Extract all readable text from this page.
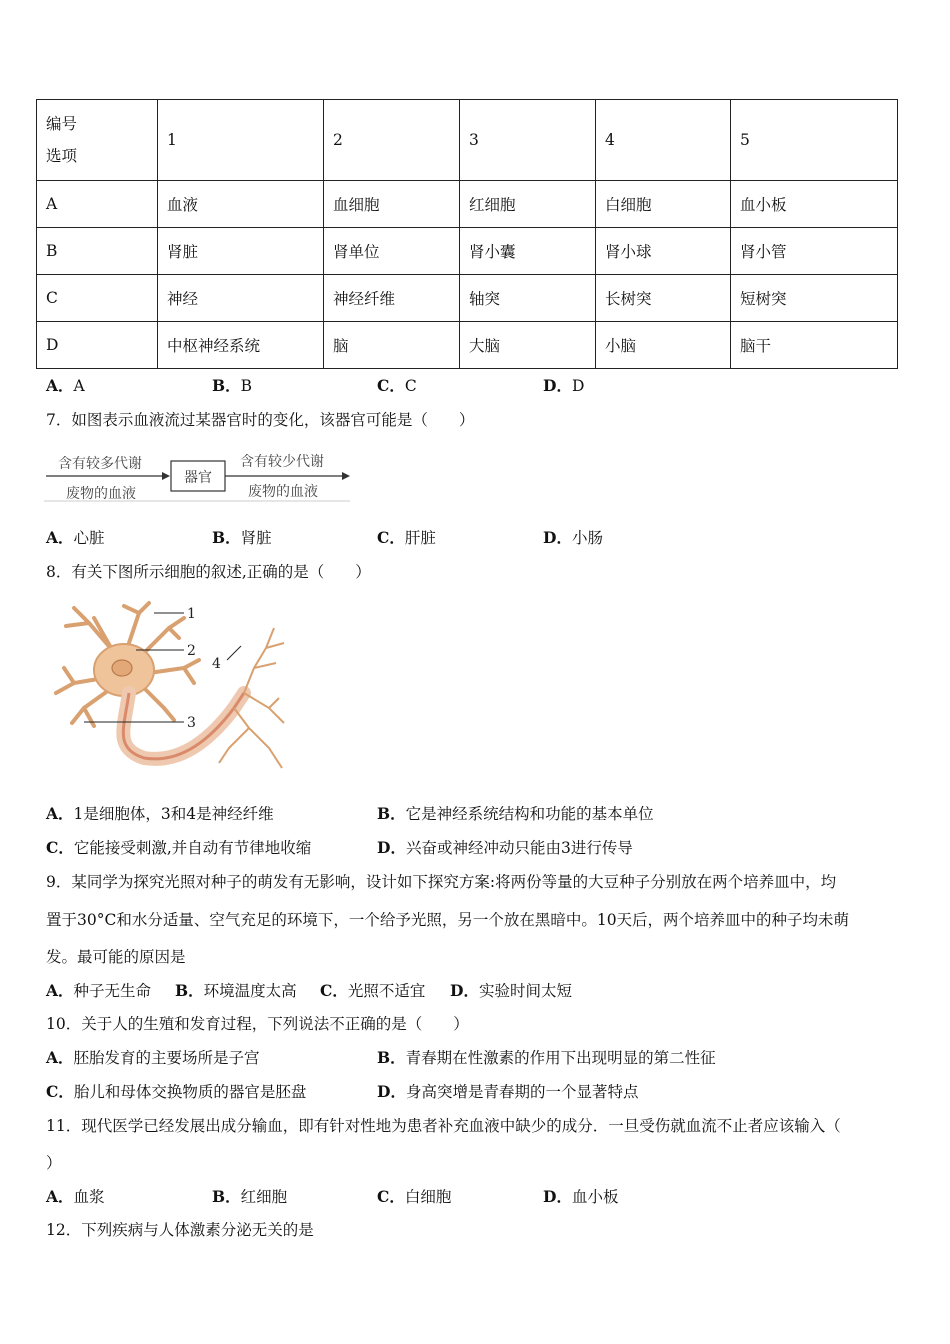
编号
选项	1	2	3	4	5
A	血液	血细胞	红细胞	白细胞	血小板
B	肾脏	肾单位	肾小囊	肾小球	肾小管
C	神经	神经纤维	轴突	长树突	短树突
D	中枢神经系统	脑	大脑	小脑	脑干
A．A	B．B	C．C	D．D
7．如图表示血液流过某器官时的变化，该器官可能是（　　）
含有较多代谢
废物的血液
器官
含有较少代谢
废物的血液
A．心脏	B．肾脏	C．肝脏	D．小肠
8．有关下图所示细胞的叙述,正确的是（　　）
1
2
3
4
A．1是细胞体，3和4是神经纤维	B．它是神经系统结构和功能的基本单位
C．它能接受刺激,并自动有节律地收缩	D．兴奋或神经冲动只能由3进行传导
9．某同学为探究光照对种子的萌发有无影响，设计如下探究方案:将两份等量的大豆种子分别放在两个培养皿中，均
置于30°C和水分适量、空气充足的环境下，一个给予光照，另一个放在黑暗中。10天后，两个培养皿中的种子均未萌
发。最可能的原因是
A．种子无生命 B．环境温度太高 C．光照不适宜 D．实验时间太短
10．关于人的生殖和发育过程，下列说法不正确的是（　　）
A．胚胎发育的主要场所是子宫	B．青春期在性激素的作用下出现明显的第二性征
C．胎儿和母体交换物质的器官是胚盘	D．身高突增是青春期的一个显著特点
11．现代医学已经发展出成分输血，即有针对性地为患者补充血液中缺少的成分．一旦受伤就血流不止者应该输入（
）
A．血浆	B．红细胞	C．白细胞	D．血小板
12．下列疾病与人体激素分泌无关的是
